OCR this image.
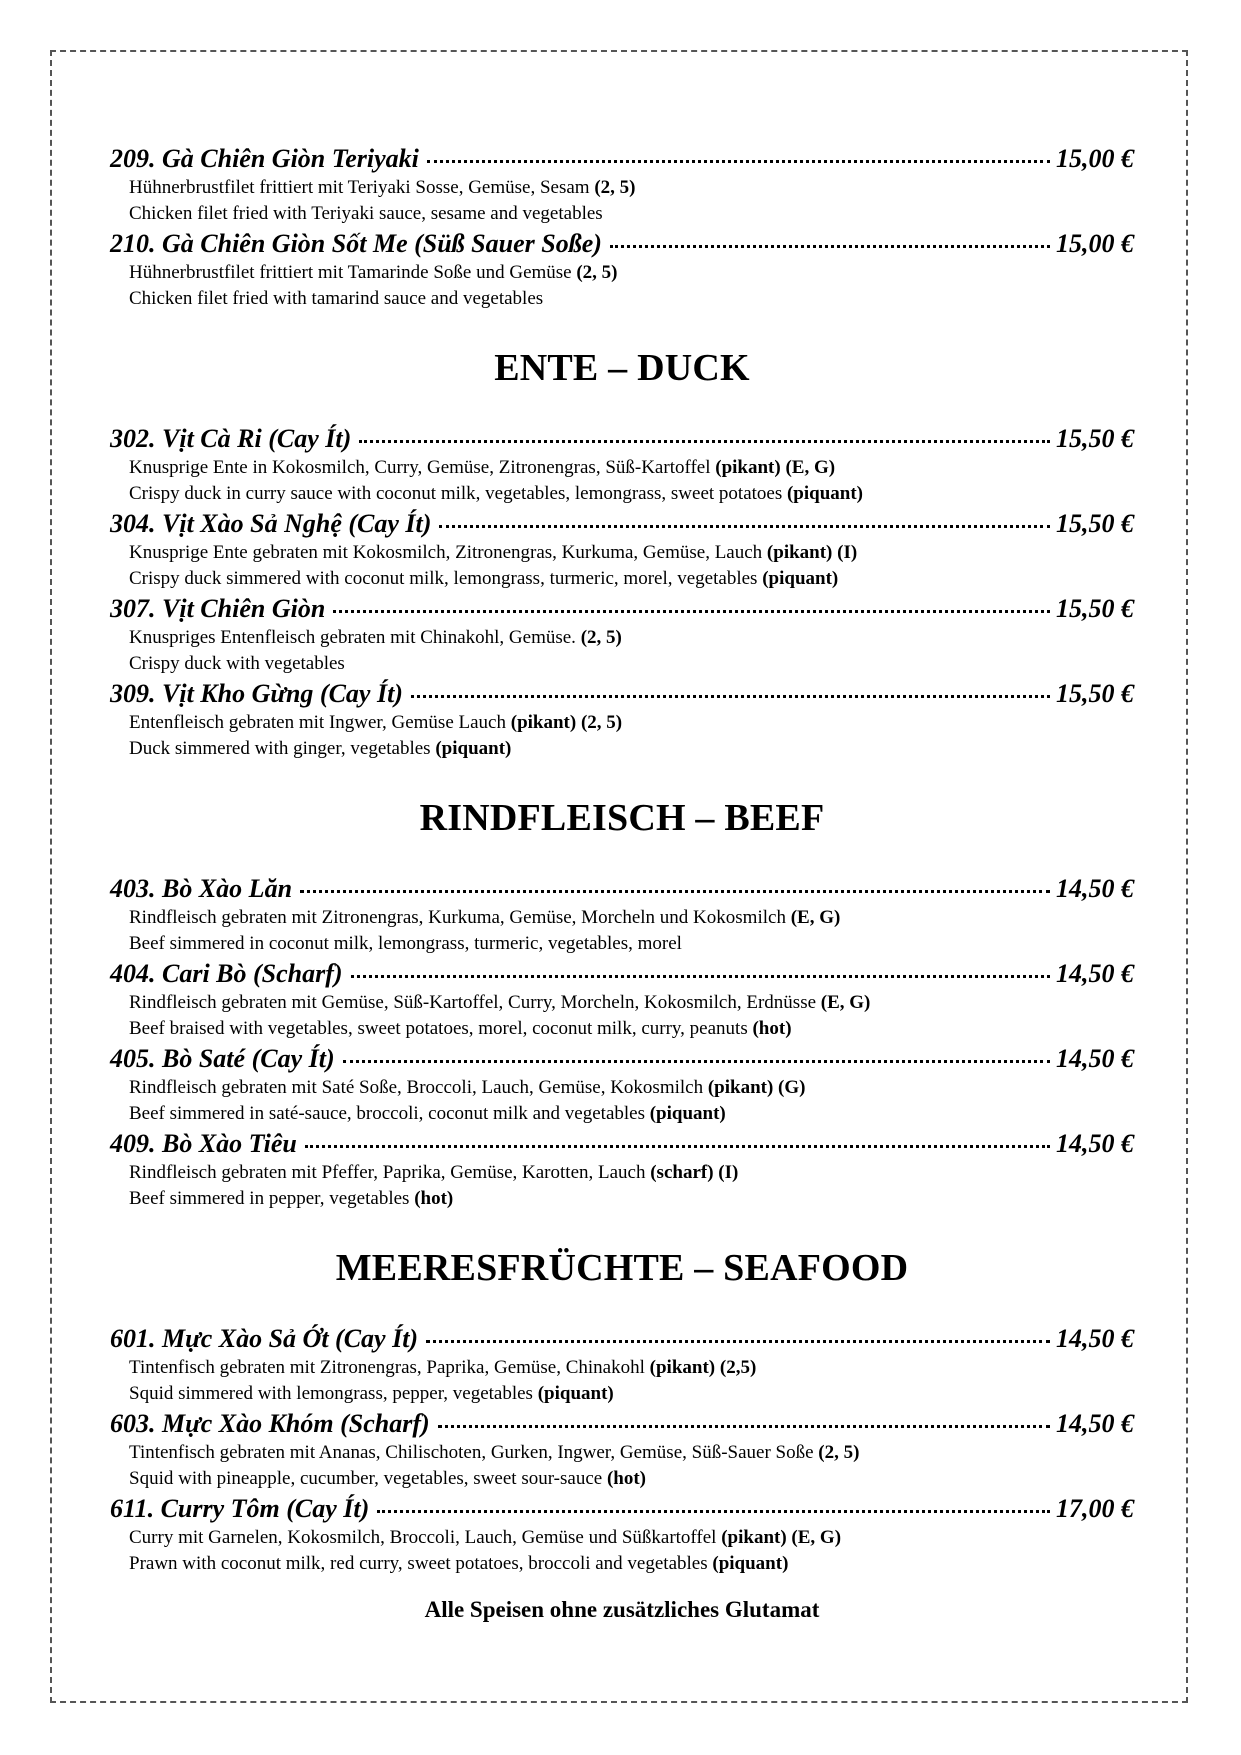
209. Gà Chiên Giòn Teriyaki	15,00 €
Hühnerbrustfilet frittiert mit Teriyaki Sosse, Gemüse, Sesam (2, 5)
Chicken filet fried with Teriyaki sauce, sesame and vegetables
210. Gà Chiên Giòn Sốt Me (Süß Sauer Soße)	15,00 €
Hühnerbrustfilet frittiert mit Tamarinde Soße und Gemüse (2, 5)
Chicken filet fried with tamarind sauce and vegetables
ENTE – DUCK
302. Vịt Cà Ri (Cay Ít)	15,50 €
Knusprige Ente in Kokosmilch, Curry, Gemüse, Zitronengras, Süß-Kartoffel (pikant) (E, G)
Crispy duck in curry sauce with coconut milk, vegetables, lemongrass, sweet potatoes (piquant)
304. Vịt Xào Sả Nghệ (Cay Ít)	15,50 €
Knusprige Ente gebraten mit Kokosmilch, Zitronengras, Kurkuma, Gemüse, Lauch (pikant) (I)
Crispy duck simmered with coconut milk, lemongrass, turmeric, morel, vegetables (piquant)
307. Vịt Chiên Giòn	15,50 €
Knuspriges Entenfleisch gebraten mit Chinakohl, Gemüse. (2, 5)
Crispy duck with vegetables
309. Vịt Kho Gừng (Cay Ít)	15,50 €
Entenfleisch gebraten mit Ingwer, Gemüse Lauch (pikant) (2, 5)
Duck simmered with ginger, vegetables (piquant)
RINDFLEISCH – BEEF
403. Bò Xào Lăn	14,50 €
Rindfleisch gebraten mit Zitronengras, Kurkuma, Gemüse, Morcheln und Kokosmilch (E, G)
Beef simmered in coconut milk, lemongrass, turmeric, vegetables, morel
404. Cari Bò (Scharf)	14,50 €
Rindfleisch gebraten mit Gemüse, Süß-Kartoffel, Curry, Morcheln, Kokosmilch, Erdnüsse (E, G)
Beef braised with vegetables, sweet potatoes, morel, coconut milk, curry, peanuts (hot)
405. Bò Saté (Cay Ít)	14,50 €
Rindfleisch gebraten mit Saté Soße, Broccoli, Lauch, Gemüse, Kokosmilch (pikant) (G)
Beef simmered in saté-sauce, broccoli, coconut milk and vegetables (piquant)
409. Bò Xào Tiêu	14,50 €
Rindfleisch gebraten mit Pfeffer, Paprika, Gemüse, Karotten, Lauch (scharf) (I)
Beef simmered in pepper, vegetables (hot)
MEERESFRÜCHTE – SEAFOOD
601. Mực Xào Sả Ớt (Cay Ít)	14,50 €
Tintenfisch gebraten mit Zitronengras, Paprika, Gemüse, Chinakohl (pikant) (2,5)
Squid simmered with lemongrass, pepper, vegetables (piquant)
603. Mực Xào Khóm (Scharf)	14,50 €
Tintenfisch gebraten mit Ananas, Chilischoten, Gurken, Ingwer, Gemüse, Süß-Sauer Soße (2, 5)
Squid with pineapple, cucumber, vegetables, sweet sour-sauce (hot)
611. Curry Tôm (Cay Ít)	17,00 €
Curry mit Garnelen, Kokosmilch, Broccoli, Lauch, Gemüse und Süßkartoffel (pikant) (E, G)
Prawn with coconut milk, red curry, sweet potatoes, broccoli and vegetables (piquant)
Alle Speisen ohne zusätzliches Glutamat
